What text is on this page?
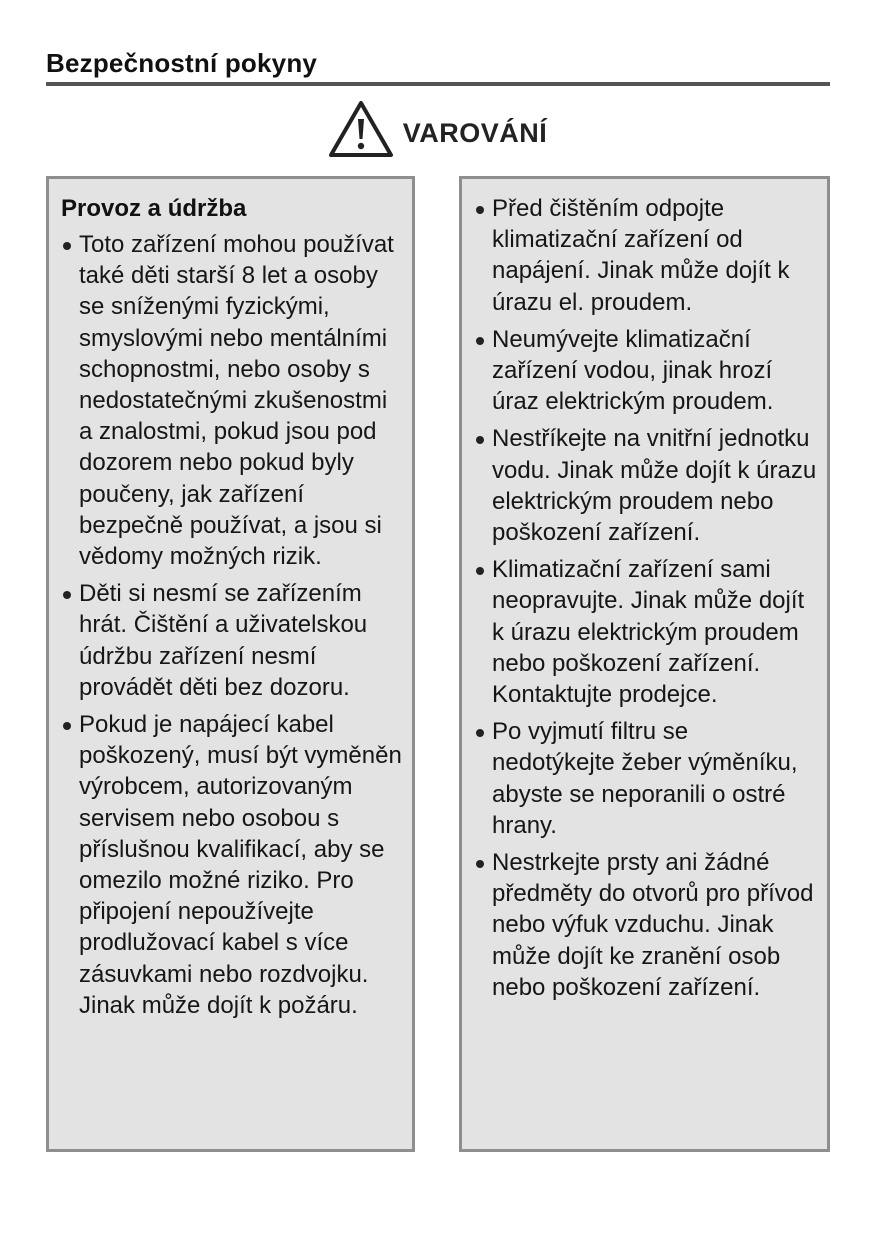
Bezpečnostní pokyny
VAROVÁNÍ
Provoz a údržba
Toto zařízení mohou používat také děti starší 8 let a osoby se sníženými fyzickými, smyslovými nebo mentálními schopnostmi, nebo osoby s nedostatečnými zkušenostmi a znalostmi, pokud jsou pod dozorem nebo pokud byly poučeny, jak zařízení bezpečně používat, a jsou si vědomy možných rizik.
Děti si nesmí se zařízením hrát. Čištění a uživatelskou údržbu zařízení nesmí provádět děti bez dozoru.
Pokud je napájecí kabel poškozený, musí být vyměněn výrobcem, autorizovaným servisem nebo osobou s příslušnou kvalifikací, aby se omezilo možné riziko. Pro připojení nepoužívejte prodlužovací kabel s více zásuvkami nebo rozdvojku. Jinak může dojít k požáru.
Před čištěním odpojte klimatizační zařízení od napájení. Jinak může dojít k úrazu el. proudem.
Neumývejte klimatizační zařízení vodou, jinak hrozí úraz elektrickým proudem.
Nestříkejte na vnitřní jednotku vodu. Jinak může dojít k úrazu elektrickým proudem nebo poškození zařízení.
Klimatizační zařízení sami neopravujte. Jinak může dojít k úrazu elektrickým proudem nebo poškození zařízení. Kontaktujte prodejce.
Po vyjmutí filtru se nedotýkejte žeber výměníku, abyste se neporanili o ostré hrany.
Nestrkejte prsty ani žádné předměty do otvorů pro přívod nebo výfuk vzduchu. Jinak může dojít ke zranění osob nebo poškození zařízení.
